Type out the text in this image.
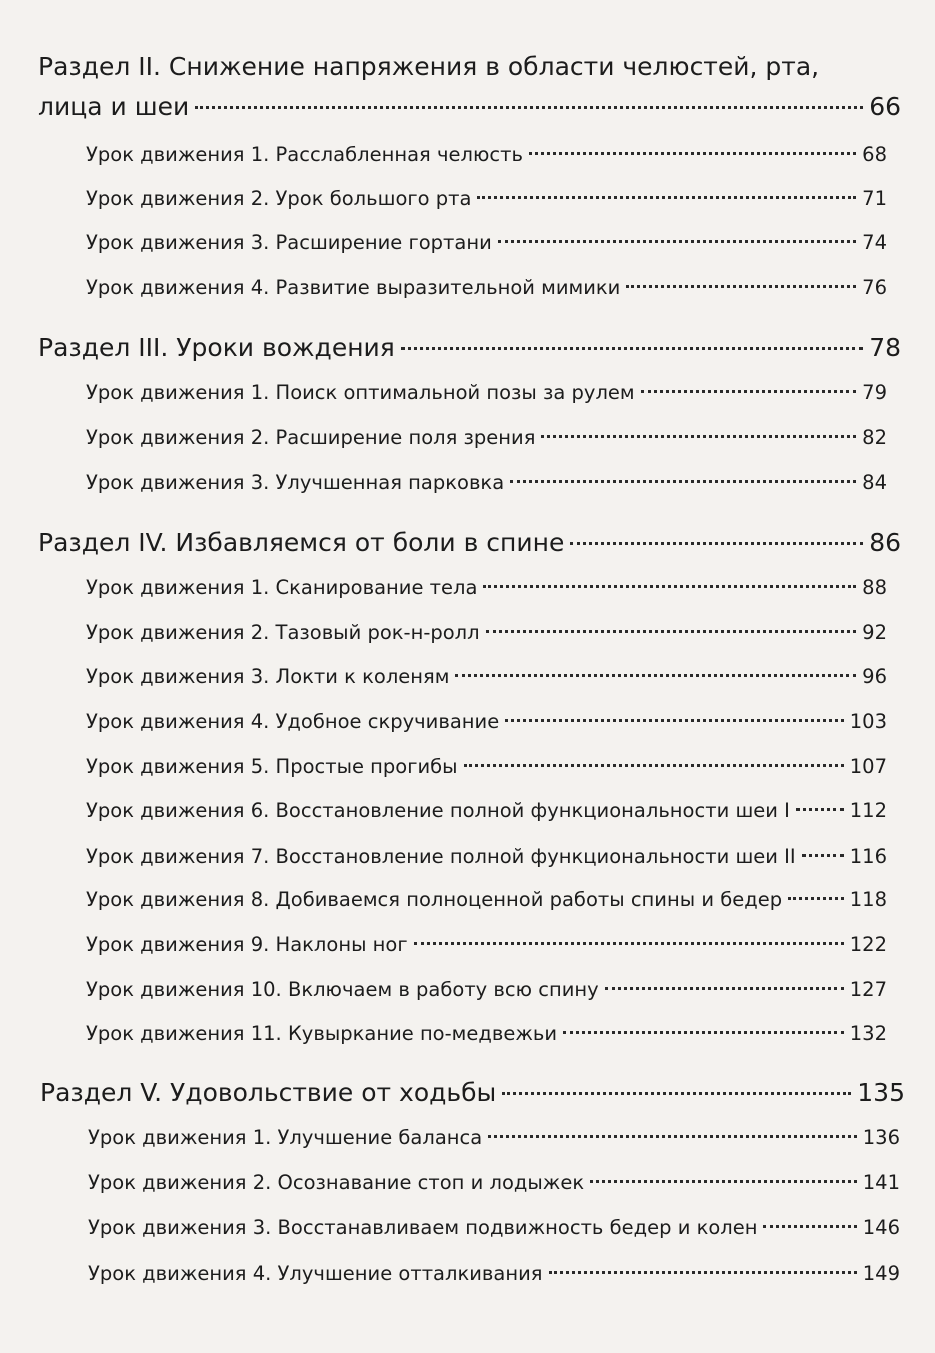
Раздел II. Снижение напряжения в области челюстей, рта,
лица и шеи	66
Урок движения 1. Расслабленная челюсть	68
Урок движения 2. Урок большого рта	71
Урок движения 3. Расширение гортани	74
Урок движения 4. Развитие выразительной мимики	76
Раздел III. Уроки вождения	78
Урок движения 1. Поиск оптимальной позы за рулем	79
Урок движения 2. Расширение поля зрения	82
Урок движения 3. Улучшенная парковка	84
Раздел IV. Избавляемся от боли в спине	86
Урок движения 1. Сканирование тела	88
Урок движения 2. Тазовый рок-н-ролл	92
Урок движения 3. Локти к коленям	96
Урок движения 4. Удобное скручивание	103
Урок движения 5. Простые прогибы	107
Урок движения 6. Восстановление полной функциональности шеи I	112
Урок движения 7. Восстановление полной функциональности шеи II	116
Урок движения 8. Добиваемся полноценной работы спины и бедер	118
Урок движения 9. Наклоны ног	122
Урок движения 10. Включаем в работу всю спину	127
Урок движения 11. Кувыркание по-медвежьи	132
Раздел V. Удовольствие от ходьбы	135
Урок движения 1. Улучшение баланса	136
Урок движения 2. Осознавание стоп и лодыжек	141
Урок движения 3. Восстанавливаем подвижность бедер и колен	146
Урок движения 4. Улучшение отталкивания	149
